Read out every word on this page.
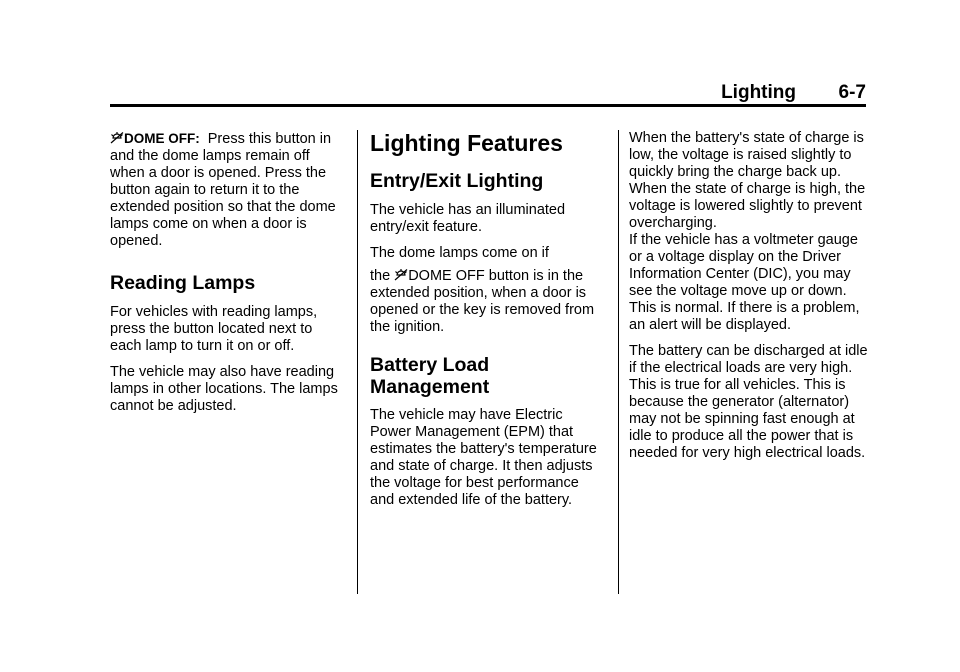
Lighting 6-7

DOME OFF: Press this button in and the dome lamps remain off when a door is opened. Press the button again to return it to the extended position so that the dome lamps come on when a door is opened.

Reading Lamps

For vehicles with reading lamps, press the button located next to each lamp to turn it on or off.

The vehicle may also have reading lamps in other locations. The lamps cannot be adjusted.

Lighting Features
Entry/Exit Lighting

The vehicle has an illuminated entry/exit feature.

The dome lamps come on if

the DOME OFF button is in the extended position, when a door is opened or the key is removed from the ignition.

Battery Load
Management

The vehicle may have Electric Power Management (EPM) that estimates the battery's temperature and state of charge. It then adjusts the voltage for best performance and extended life of the battery.

When the battery's state of charge is low, the voltage is raised slightly to quickly bring the charge back up. When the state of charge is high, the voltage is lowered slightly to prevent overcharging.

If the vehicle has a voltmeter gauge or a voltage display on the Driver Information Center (DIC), you may see the voltage move up or down. This is normal. If there is a problem, an alert will be displayed.

The battery can be discharged at idle if the electrical loads are very high. This is true for all vehicles. This is because the generator (alternator) may not be spinning fast enough at idle to produce all the power that is needed for very high electrical loads.
